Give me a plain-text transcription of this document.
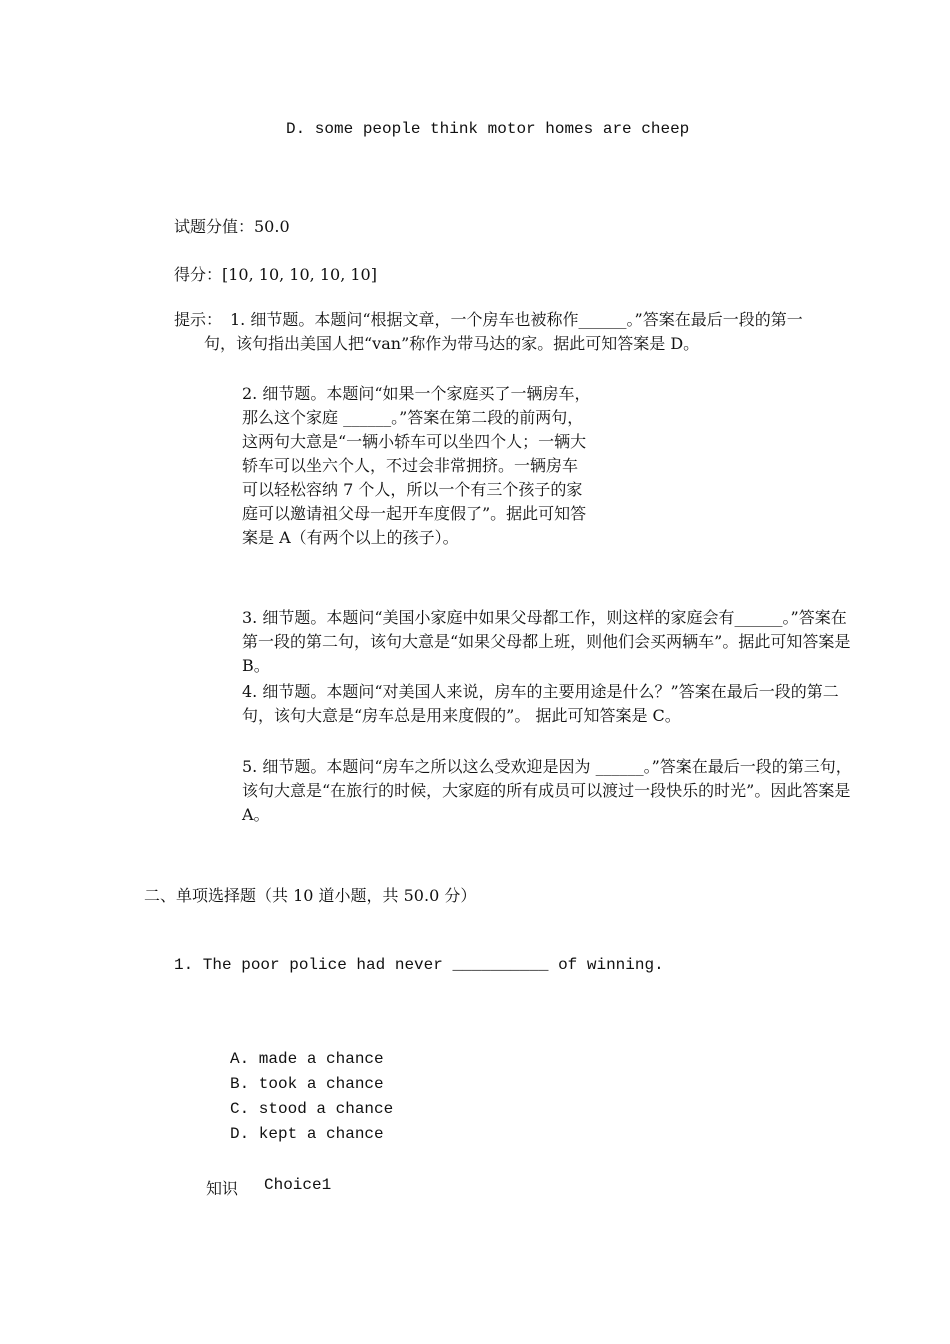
D. some people think motor homes are cheep
试题分值：50.0
得分：[10, 10, 10, 10, 10]
提示： 1. 细节题。本题问“根据文章，一个房车也被称作______。”答案在最后一段的第一句，该句指出美国人把“van”称作为带马达的家。据此可知答案是 D。
2. 细节题。本题问“如果一个家庭买了一辆房车，那么这个家庭 ______。”答案在第二段的前两句，这两句大意是“一辆小轿车可以坐四个人；一辆大轿车可以坐六个人，不过会非常拥挤。一辆房车可以轻松容纳 7 个人，所以一个有三个孩子的家庭可以邀请祖父母一起开车度假了”。据此可知答案是 A（有两个以上的孩子）。
3. 细节题。本题问“美国小家庭中如果父母都工作，则这样的家庭会有______。”答案在第一段的第二句，该句大意是“如果父母都上班，则他们会买两辆车”。据此可知答案是 B。
4. 细节题。本题问“对美国人来说，房车的主要用途是什么？”答案在最后一段的第二句，该句大意是“房车总是用来度假的”。 据此可知答案是 C。
5. 细节题。本题问“房车之所以这么受欢迎是因为 ______。”答案在最后一段的第三句，该句大意是“在旅行的时候，大家庭的所有成员可以渡过一段快乐的时光”。因此答案是 A。
二、单项选择题（共 10 道小题，共 50.0 分）
1. The poor police had never __________ of winning.
A. made a chance
B. took a chance
C. stood a chance
D. kept a chance
知识 Choice1
